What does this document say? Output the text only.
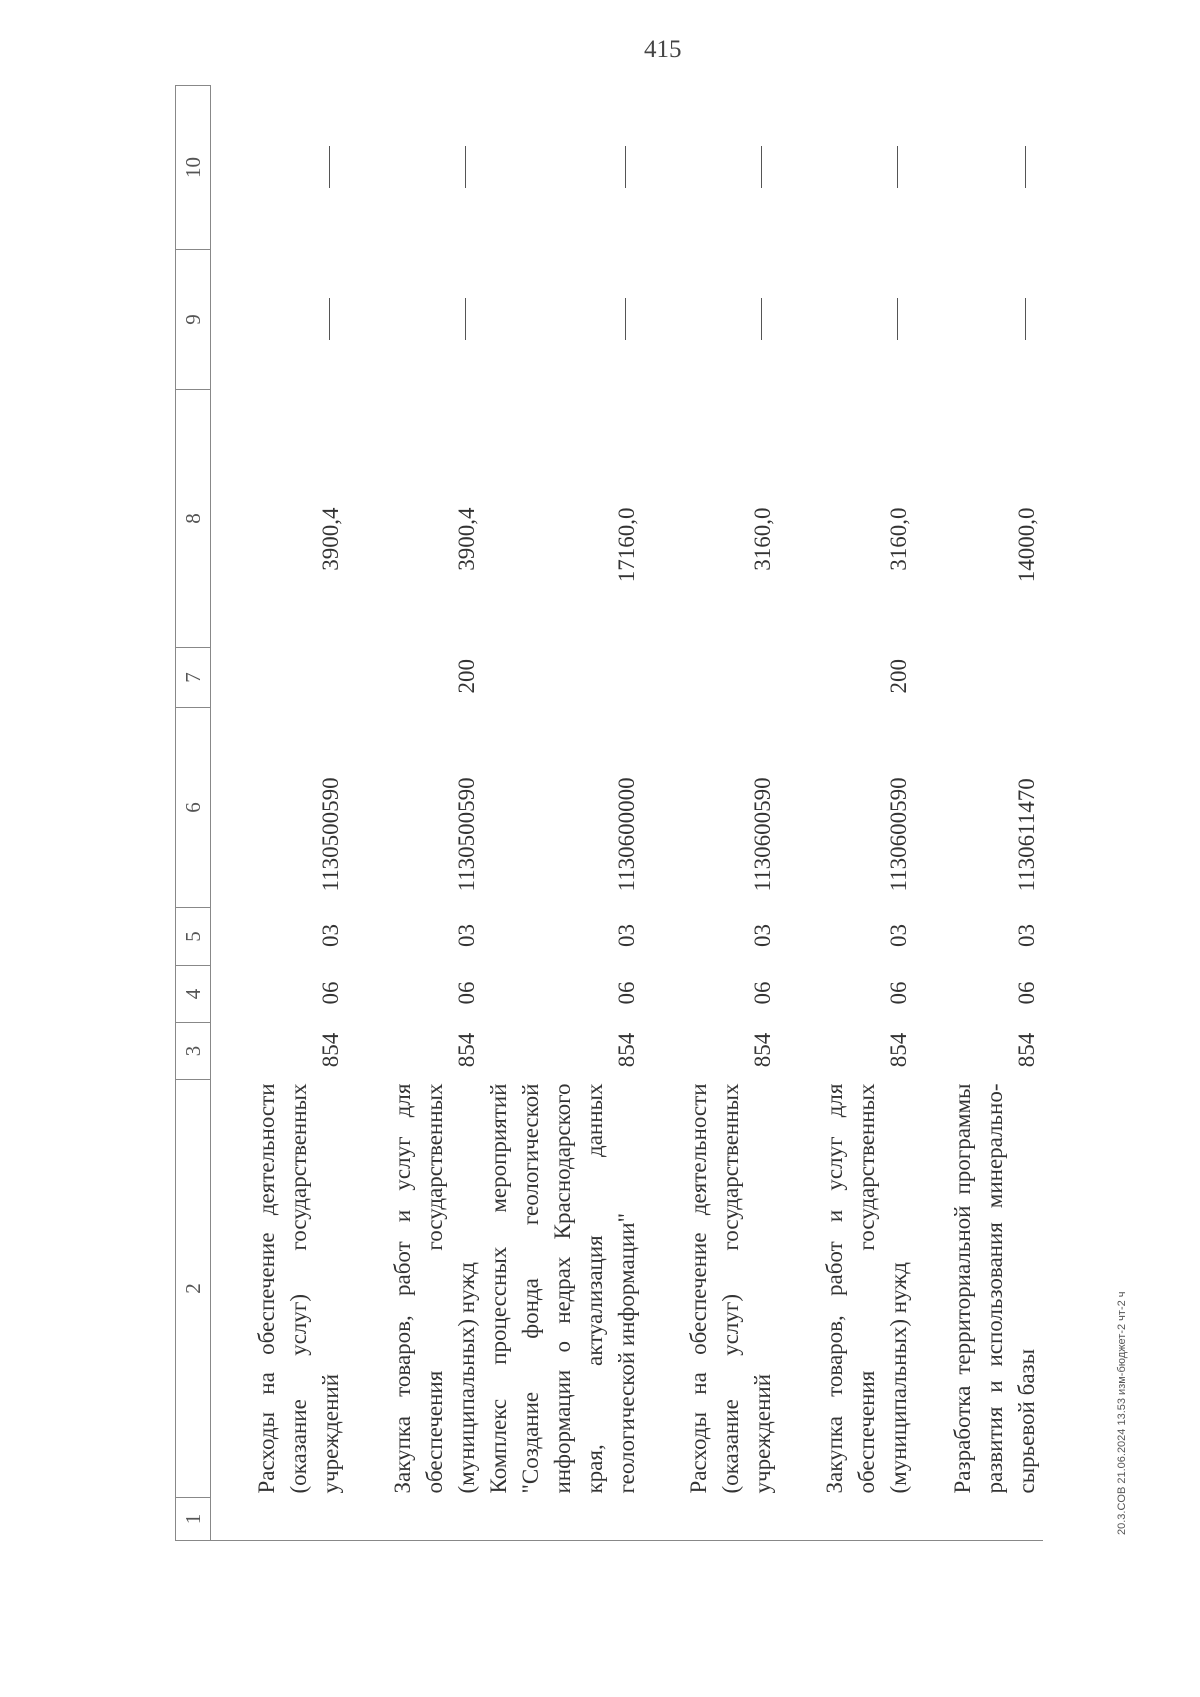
415
1	2	3	4	5	6	7	8	9	10
	Расходы на обеспечение деятельности (оказание услуг) государственных учреждений	854	06	03	1130500590		3900,4	

	Закупка товаров, работ и услуг для обеспечения государственных (муниципальных) нужд	854	06	03	1130500590	200	3900,4	

	Комплекс процессных мероприятий "Создание фонда геологической информации о недрах Краснодарского края, актуализация данных геологической информации"	854	06	03	1130600000		17160,0	

	Расходы на обеспечение деятельности (оказание услуг) государственных учреждений	854	06	03	1130600590		3160,0	

	Закупка товаров, работ и услуг для обеспечения государственных (муниципальных) нужд	854	06	03	1130600590	200	3160,0	

	Разработка территориальной программы развития и использования минерально-сырьевой базы	854	06	03	1130611470		14000,0	

20.3.COB 21.06.2024 13.53 изм-бюджет-2 чт-2 ч
